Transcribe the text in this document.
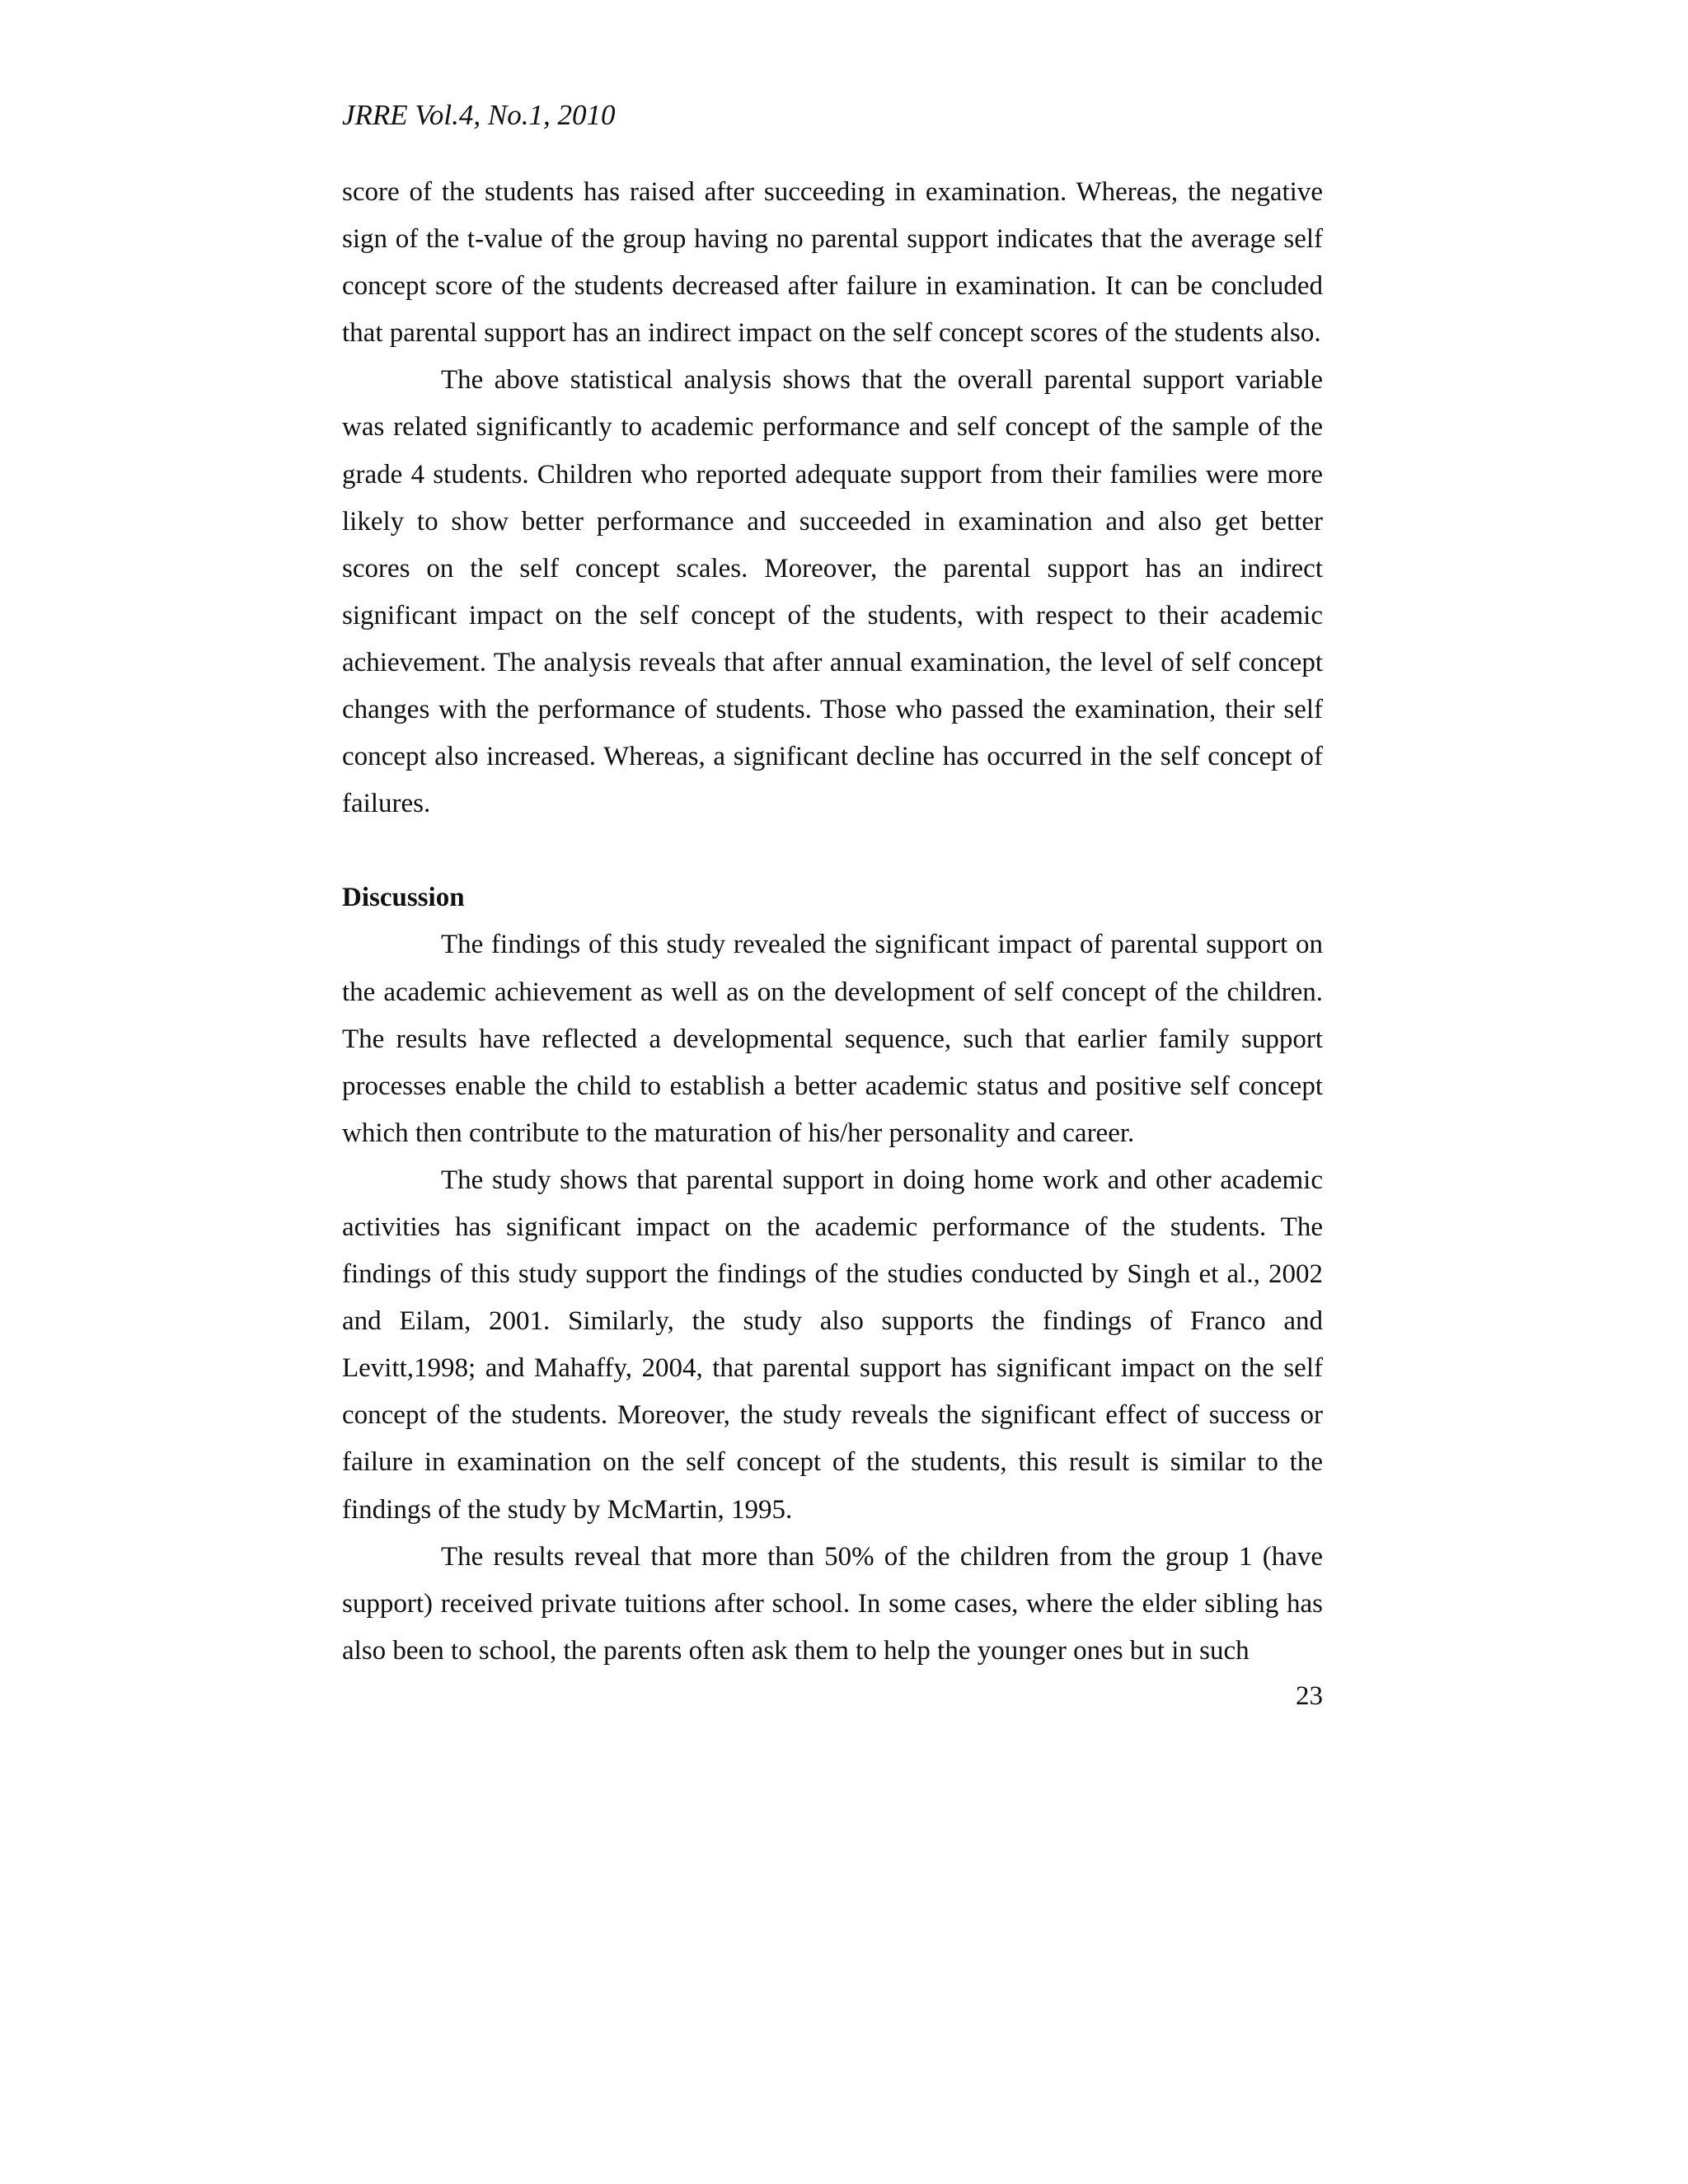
JRRE Vol.4, No.1, 2010

score of the students has raised after succeeding in examination. Whereas, the negative sign of the t-value of the group having no parental support indicates that the average self concept score of the students decreased after failure in examination. It can be concluded that parental support has an indirect impact on the self concept scores of the students also.

The above statistical analysis shows that the overall parental support variable was related significantly to academic performance and self concept of the sample of the grade 4 students. Children who reported adequate support from their families were more likely to show better performance and succeeded in examination and also get better scores on the self concept scales. Moreover, the parental support has an indirect significant impact on the self concept of the students, with respect to their academic achievement. The analysis reveals that after annual examination, the level of self concept changes with the performance of students. Those who passed the examination, their self concept also increased. Whereas, a significant decline has occurred in the self concept of failures.

Discussion

The findings of this study revealed the significant impact of parental support on the academic achievement as well as on the development of self concept of the children. The results have reflected a developmental sequence, such that earlier family support processes enable the child to establish a better academic status and positive self concept which then contribute to the maturation of his/her personality and career.

The study shows that parental support in doing home work and other academic activities has significant impact on the academic performance of the students. The findings of this study support the findings of the studies conducted by Singh et al., 2002 and Eilam, 2001. Similarly, the study also supports the findings of Franco and Levitt,1998; and Mahaffy, 2004, that parental support has significant impact on the self concept of the students. Moreover, the study reveals the significant effect of success or failure in examination on the self concept of the students, this result is similar to the findings of the study by McMartin, 1995.

The results reveal that more than 50% of the children from the group 1 (have support) received private tuitions after school. In some cases, where the elder sibling has also been to school, the parents often ask them to help the younger ones but in such

23
